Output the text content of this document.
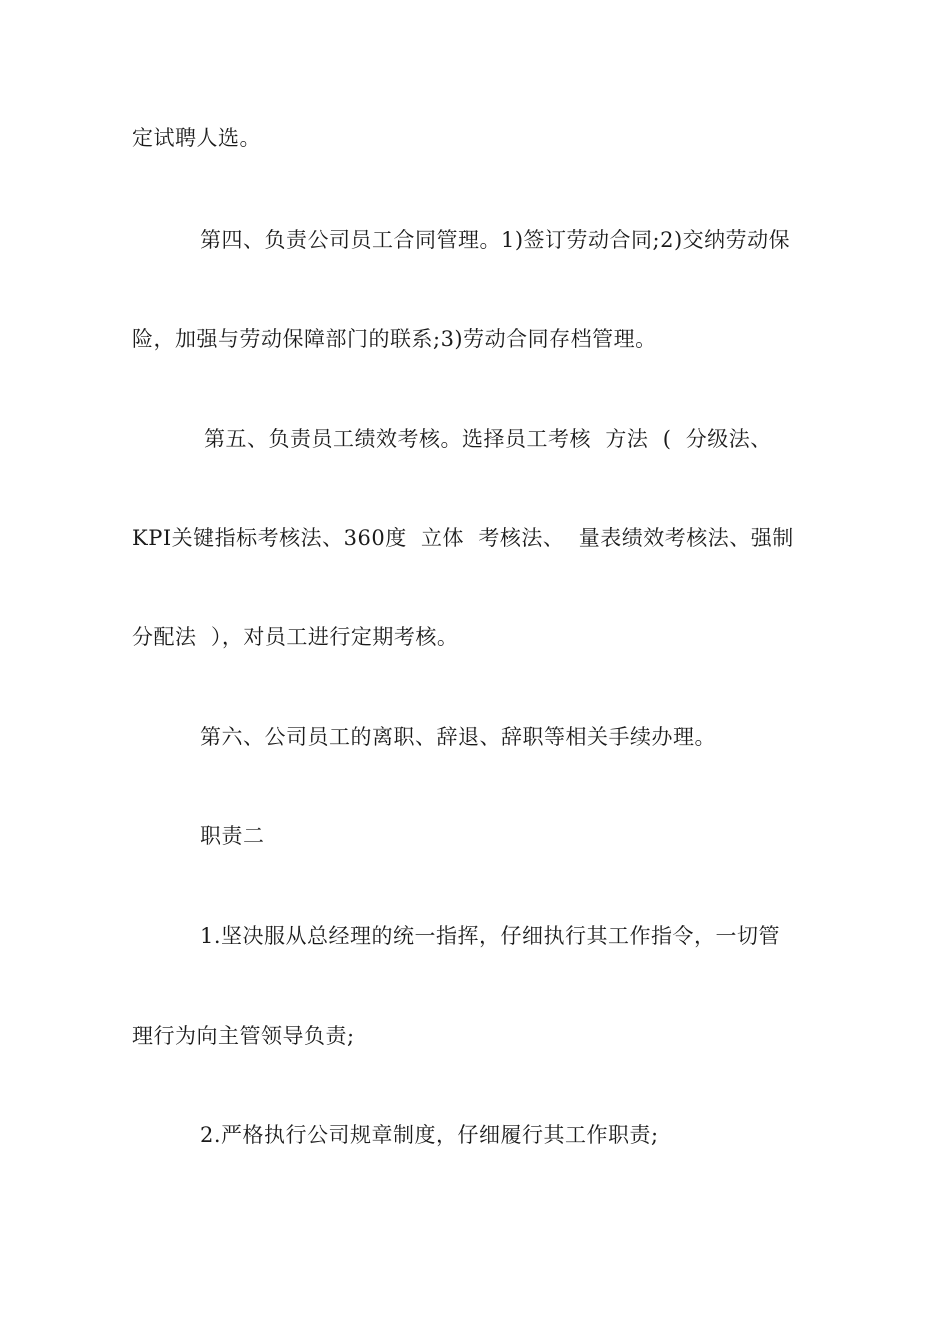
定试聘人选。
第四、负责公司员工合同管理。1)签订劳动合同;2)交纳劳动保
险，加强与劳动保障部门的联系;3)劳动合同存档管理。
第五、负责员工绩效考核。选择员工考核  方法  (  分级法、
KPI关键指标考核法、360度  立体  考核法、  量表绩效考核法、强制
分配法  ），对员工进行定期考核。
第六、公司员工的离职、辞退、辞职等相关手续办理。
职责二
1.坚决服从总经理的统一指挥，仔细执行其工作指令，一切管
理行为向主管领导负责;
2.严格执行公司规章制度，仔细履行其工作职责;
